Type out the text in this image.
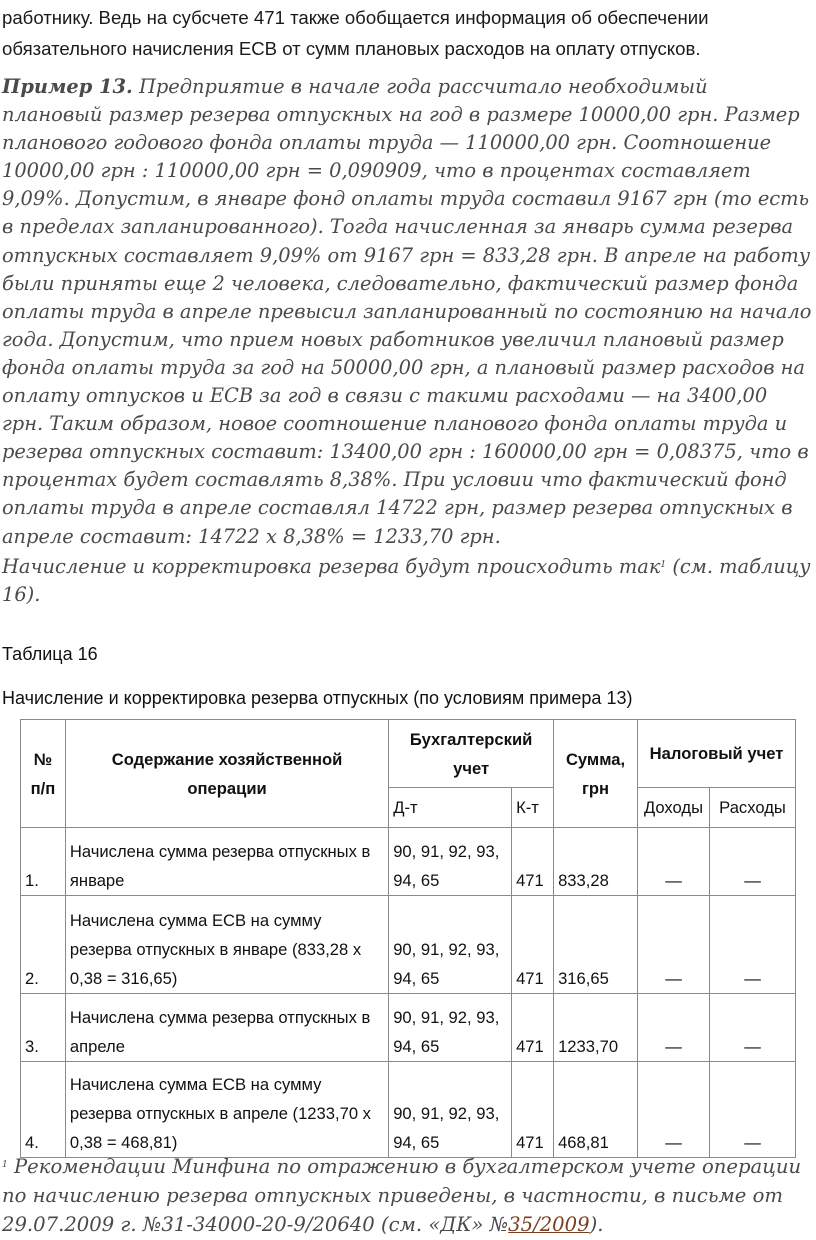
работнику. Ведь на субсчете 471 также обобщается информация об обеспечении
обязательного начисления ЕСВ от сумм плановых расходов на оплату отпусков.
Пример 13. Предприятие в начале года рассчитало необходимый плановый размер резерва отпускных на год в размере 10000,00 грн. Размер планового годового фонда оплаты труда — 110000,00 грн. Соотношение 10000,00 грн : 110000,00 грн = 0,090909, что в процентах составляет 9,09%. Допустим, в январе фонд оплаты труда составил 9167 грн (то есть в пределах запланированного). Тогда начисленная за январь сумма резерва отпускных составляет 9,09% от 9167 грн = 833,28 грн. В апреле на работу были приняты еще 2 человека, следовательно, фактический размер фонда оплаты труда в апреле превысил запланированный по состоянию на начало года. Допустим, что прием новых работников увеличил плановый размер фонда оплаты труда за год на 50000,00 грн, а плановый размер расходов на оплату отпусков и ЕСВ за год в связи с такими расходами — на 3400,00 грн. Таким образом, новое соотношение планового фонда оплаты труда и резерва отпускных составит: 13400,00 грн : 160000,00 грн = 0,08375, что в процентах будет составлять 8,38%. При условии что фактический фонд оплаты труда в апреле составлял 14722 грн, размер резерва отпускных в апреле составит: 14722 х 8,38% = 1233,70 грн.
Начисление и корректировка резерва будут происходить так$^1$ (см. таблицу 16).
Таблица 16
Начисление и корректировка резерва отпускных (по условиям примера 13)
№ п/п	Содержание хозяйственной операции	Бухгалтерский учет		Сумма, грн	Налоговый учет	
		Д-т	К-т		Доходы	Расходы
1.	Начислена сумма резерва отпускных в январе	90, 91, 92, 93, 94, 65	471	833,28	—	—
2.	Начислена сумма ЕСВ на сумму резерва отпускных в январе (833,28 х 0,38 = 316,65)	90, 91, 92, 93, 94, 65	471	316,65	—	—
3.	Начислена сумма резерва отпускных в апреле	90, 91, 92, 93, 94, 65	471	1233,70	—	—
4.	Начислена сумма ЕСВ на сумму резерва отпускных в апреле (1233,70 х 0,38 = 468,81)	90, 91, 92, 93, 94, 65	471	468,81	—	—
$^1$ Рекомендации Минфина по отражению в бухгалтерском учете операции по начислению резерва отпускных приведены, в частности, в письме от 29.07.2009 г. №31-34000-20-9/20640 (см. «ДК» №35/2009).
